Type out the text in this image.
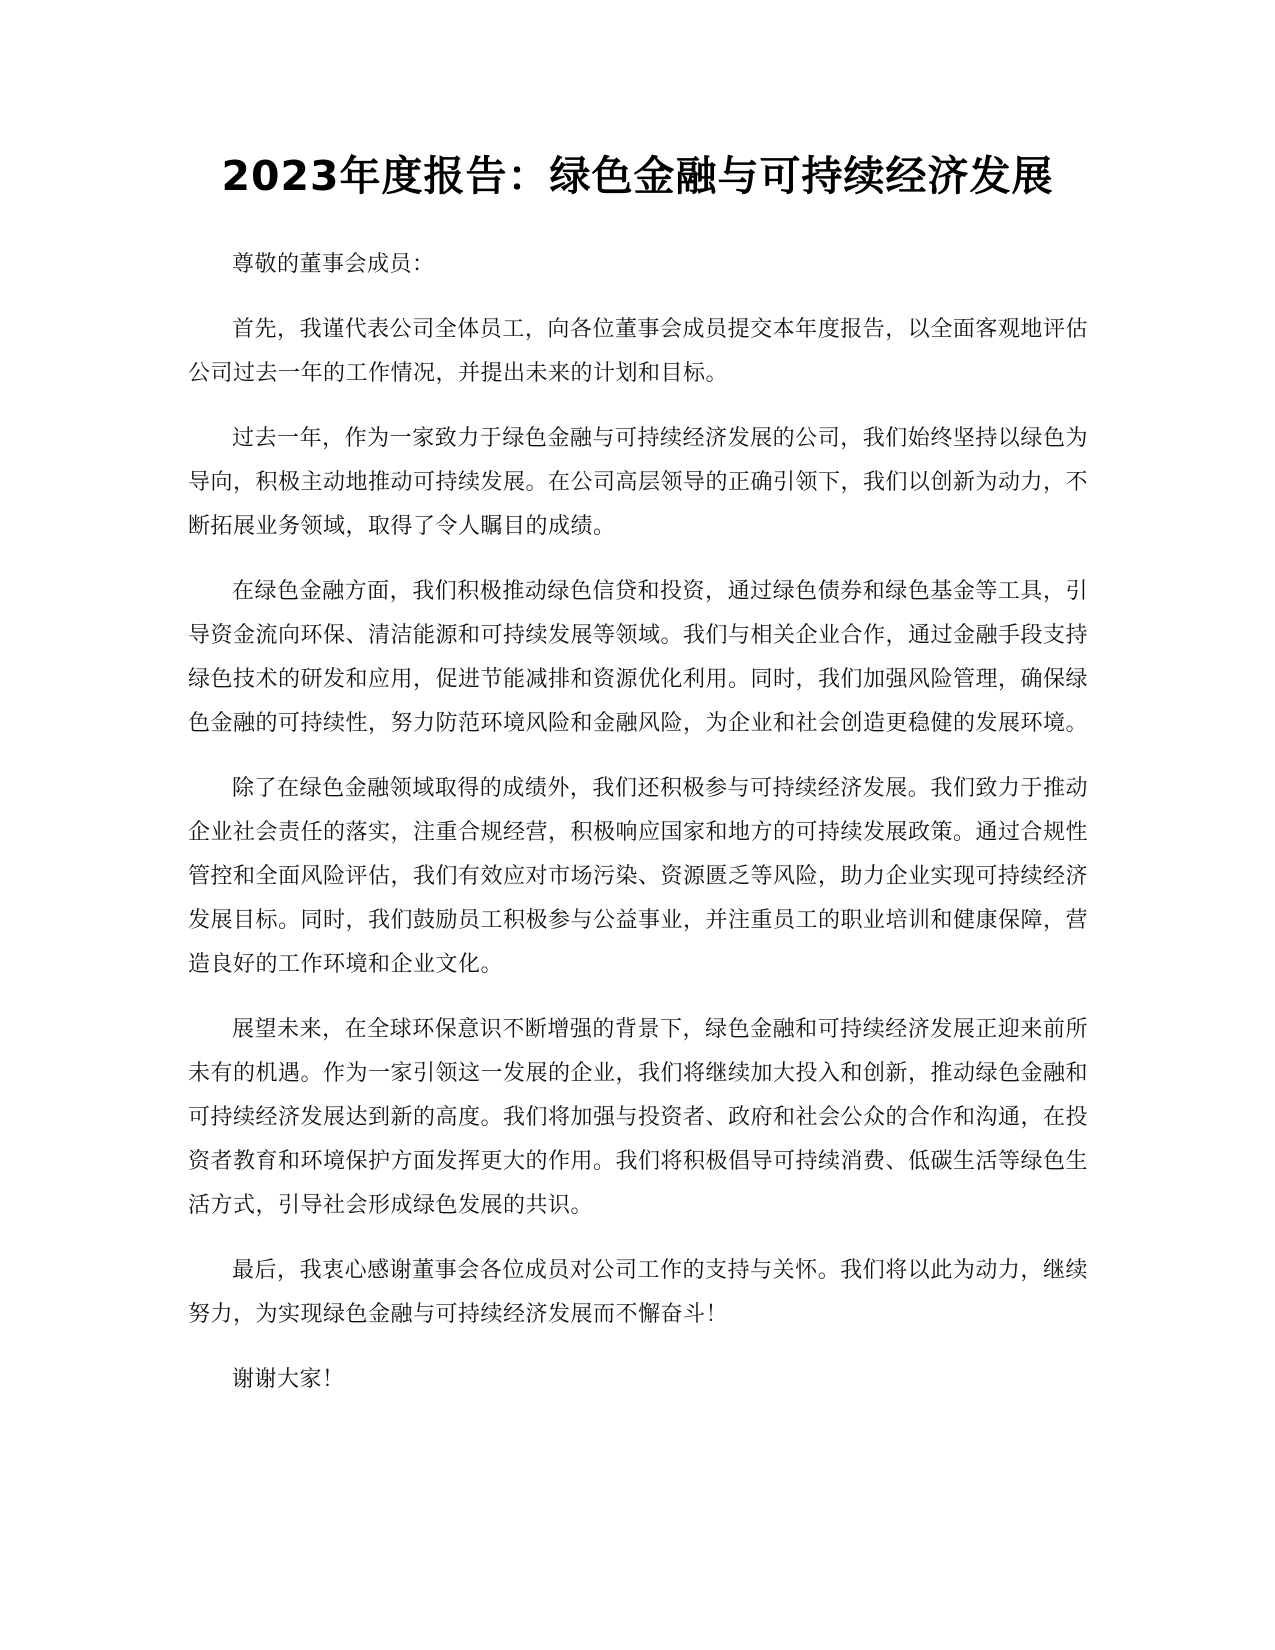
2023年度报告：绿色金融与可持续经济发展

尊敬的董事会成员：

首先，我谨代表公司全体员工，向各位董事会成员提交本年度报告，以全面客观地评估公司过去一年的工作情况，并提出未来的计划和目标。

过去一年，作为一家致力于绿色金融与可持续经济发展的公司，我们始终坚持以绿色为导向，积极主动地推动可持续发展。在公司高层领导的正确引领下，我们以创新为动力，不断拓展业务领域，取得了令人瞩目的成绩。

在绿色金融方面，我们积极推动绿色信贷和投资，通过绿色债券和绿色基金等工具，引导资金流向环保、清洁能源和可持续发展等领域。我们与相关企业合作，通过金融手段支持绿色技术的研发和应用，促进节能减排和资源优化利用。同时，我们加强风险管理，确保绿色金融的可持续性，努力防范环境风险和金融风险，为企业和社会创造更稳健的发展环境。

除了在绿色金融领域取得的成绩外，我们还积极参与可持续经济发展。我们致力于推动企业社会责任的落实，注重合规经营，积极响应国家和地方的可持续发展政策。通过合规性管控和全面风险评估，我们有效应对市场污染、资源匮乏等风险，助力企业实现可持续经济发展目标。同时，我们鼓励员工积极参与公益事业，并注重员工的职业培训和健康保障，营造良好的工作环境和企业文化。

展望未来，在全球环保意识不断增强的背景下，绿色金融和可持续经济发展正迎来前所未有的机遇。作为一家引领这一发展的企业，我们将继续加大投入和创新，推动绿色金融和可持续经济发展达到新的高度。我们将加强与投资者、政府和社会公众的合作和沟通，在投资者教育和环境保护方面发挥更大的作用。我们将积极倡导可持续消费、低碳生活等绿色生活方式，引导社会形成绿色发展的共识。

最后，我衷心感谢董事会各位成员对公司工作的支持与关怀。我们将以此为动力，继续努力，为实现绿色金融与可持续经济发展而不懈奋斗！

谢谢大家！
